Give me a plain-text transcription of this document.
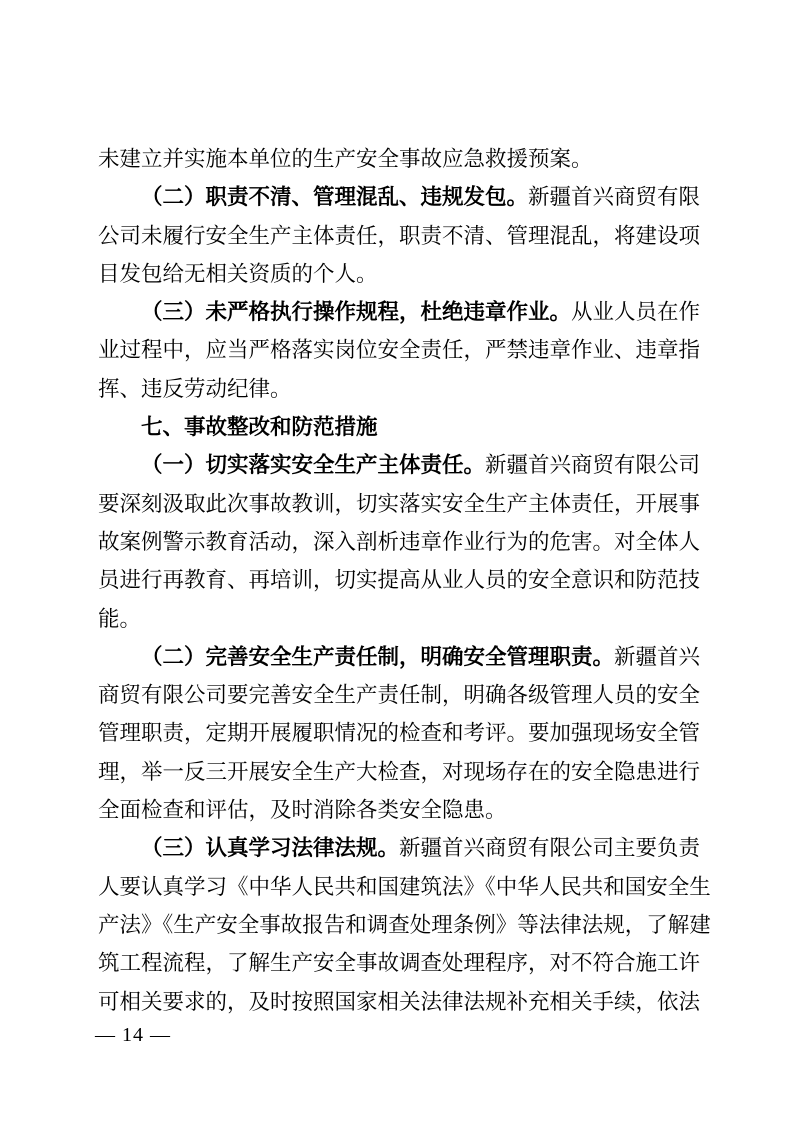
未建立并实施本单位的生产安全事故应急救援预案。

（二）职责不清、管理混乱、违规发包。新疆首兴商贸有限

公司未履行安全生产主体责任，职责不清、管理混乱，将建设项

目发包给无相关资质的个人。

（三）未严格执行操作规程，杜绝违章作业。从业人员在作

业过程中，应当严格落实岗位安全责任，严禁违章作业、违章指

挥、违反劳动纪律。

七、事故整改和防范措施

（一）切实落实安全生产主体责任。新疆首兴商贸有限公司

要深刻汲取此次事故教训，切实落实安全生产主体责任，开展事

故案例警示教育活动，深入剖析违章作业行为的危害。对全体人

员进行再教育、再培训，切实提高从业人员的安全意识和防范技

能。

（二）完善安全生产责任制，明确安全管理职责。新疆首兴

商贸有限公司要完善安全生产责任制，明确各级管理人员的安全

管理职责，定期开展履职情况的检查和考评。要加强现场安全管

理，举一反三开展安全生产大检查，对现场存在的安全隐患进行

全面检查和评估，及时消除各类安全隐患。

（三）认真学习法律法规。新疆首兴商贸有限公司主要负责

人要认真学习《中华人民共和国建筑法》《中华人民共和国安全生

产法》《生产安全事故报告和调查处理条例》等法律法规，了解建

筑工程流程，了解生产安全事故调查处理程序，对不符合施工许

可相关要求的，及时按照国家相关法律法规补充相关手续，依法

— 14 —
